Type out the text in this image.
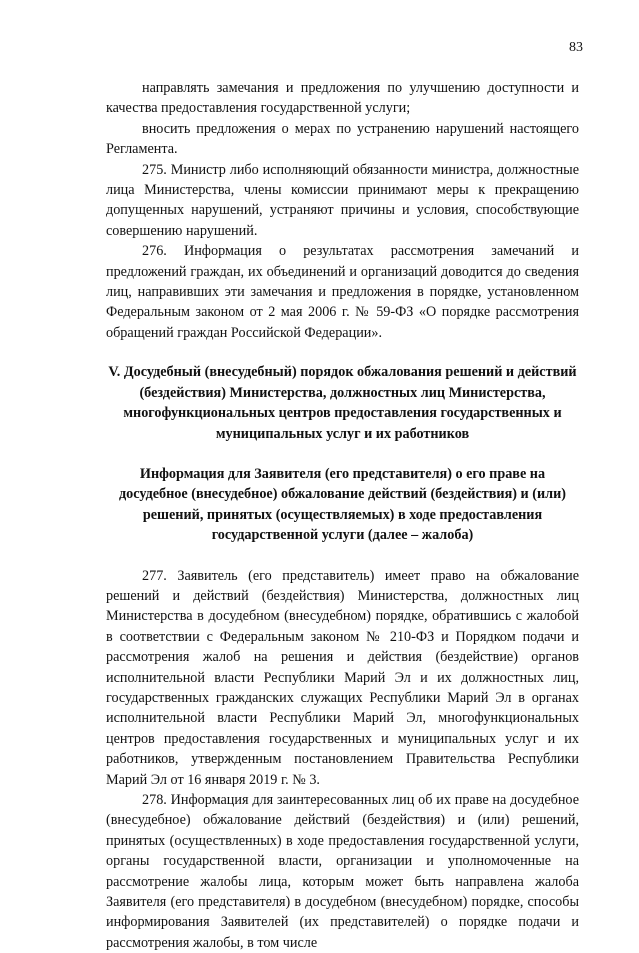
83

направлять замечания и предложения по улучшению доступности и качества предоставления государственной услуги;

вносить предложения о мерах по устранению нарушений настоящего Регламента.

275. Министр либо исполняющий обязанности министра, должностные лица Министерства, члены комиссии принимают меры к прекращению допущенных нарушений, устраняют причины и условия, способствующие совершению нарушений.

276. Информация о результатах рассмотрения замечаний и предложений граждан, их объединений и организаций доводится до сведения лиц, направивших эти замечания и предложения в порядке, установленном Федеральным законом от 2 мая 2006 г. № 59-ФЗ «О порядке рассмотрения обращений граждан Российской Федерации».

V. Досудебный (внесудебный) порядок обжалования решений и действий (бездействия) Министерства, должностных лиц Министерства, многофункциональных центров предоставления государственных и муниципальных услуг и их работников

Информация для Заявителя (его представителя) о его праве на досудебное (внесудебное) обжалование действий (бездействия) и (или) решений, принятых (осуществляемых) в ходе предоставления государственной услуги (далее – жалоба)

277. Заявитель (его представитель) имеет право на обжалование решений и действий (бездействия) Министерства, должностных лиц Министерства в досудебном (внесудебном) порядке, обратившись с жалобой в соответствии с Федеральным законом № 210-ФЗ и Порядком подачи и рассмотрения жалоб на решения и действия (бездействие) органов исполнительной власти Республики Марий Эл и их должностных лиц, государственных гражданских служащих Республики Марий Эл в органах исполнительной власти Республики Марий Эл, многофункциональных центров предоставления государственных и муниципальных услуг и их работников, утвержденным постановлением Правительства Республики Марий Эл от 16 января 2019 г. № 3.

278. Информация для заинтересованных лиц об их праве на досудебное (внесудебное) обжалование действий (бездействия) и (или) решений, принятых (осуществленных) в ходе предоставления государственной услуги, органы государственной власти, организации и уполномоченные на рассмотрение жалобы лица, которым может быть направлена жалоба Заявителя (его представителя) в досудебном (внесудебном) порядке, способы информирования Заявителей (их представителей) о порядке подачи и рассмотрения жалобы, в том числе
